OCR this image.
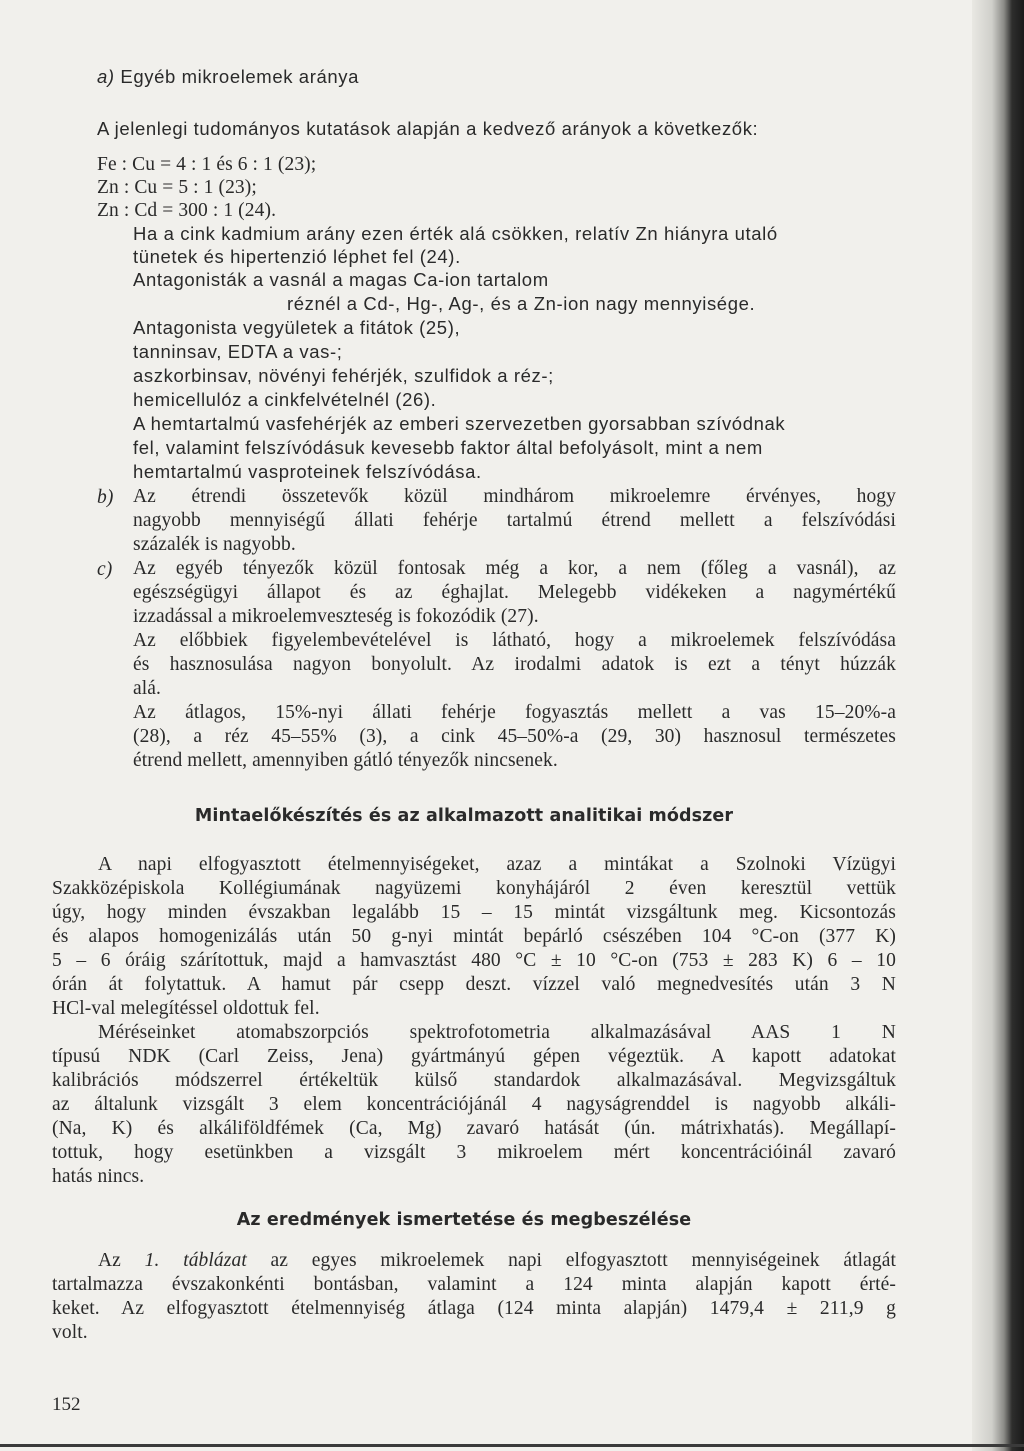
a) Egyéb mikroelemek aránya
A jelenlegi tudományos kutatások alapján a kedvező arányok a következők:
Fe : Cu = 4 : 1 és 6 : 1 (23);
Zn : Cu = 5 : 1 (23);
Zn : Cd = 300 : 1 (24).
Ha a cink kadmium arány ezen érték alá csökken, relatív Zn hiányra utaló
tünetek és hipertenzió léphet fel (24).
Antagonisták a vasnál a magas Ca-ion tartalom
réznél a Cd-, Hg-, Ag-, és a Zn-ion nagy mennyisége.
Antagonista vegyületek a fitátok (25),
tanninsav, EDTA a vas-;
aszkorbinsav, növényi fehérjék, szulfidok a réz-;
hemicellulóz a cinkfelvételnél (26).
A hemtartalmú vasfehérjék az emberi szervezetben gyorsabban szívódnak
fel, valamint felszívódásuk kevesebb faktor által befolyásolt, mint a nem
hemtartalmú vasproteinek felszívódása.
b) Az étrendi összetevők közül mindhárom mikroelemre érvényes, hogy
nagyobb mennyiségű állati fehérje tartalmú étrend mellett a felszívódási
százalék is nagyobb.
c) Az egyéb tényezők közül fontosak még a kor, a nem (főleg a vasnál), az
egészségügyi állapot és az éghajlat. Melegebb vidékeken a nagymértékű
izzadással a mikroelemveszteség is fokozódik (27).
Az előbbiek figyelembevételével is látható, hogy a mikroelemek felszívódása
és hasznosulása nagyon bonyolult. Az irodalmi adatok is ezt a tényt húzzák
alá.
Az átlagos, 15%-nyi állati fehérje fogyasztás mellett a vas 15–20%-a
(28), a réz 45–55% (3), a cink 45–50%-a (29, 30) hasznosul természetes
étrend mellett, amennyiben gátló tényezők nincsenek.
Mintaelőkészítés és az alkalmazott analitikai módszer
A napi elfogyasztott ételmennyiségeket, azaz a mintákat a Szolnoki Vízügyi
Szakközépiskola Kollégiumának nagyüzemi konyhájáról 2 éven keresztül vettük
úgy, hogy minden évszakban legalább 15 – 15 mintát vizsgáltunk meg. Kicsontozás
és alapos homogenizálás után 50 g-nyi mintát bepárló csészében 104 °C-on (377 K)
5 – 6 óráig szárítottuk, majd a hamvasztást 480 °C ± 10 °C-on (753 ± 283 K) 6 – 10
órán át folytattuk. A hamut pár csepp deszt. vízzel való megnedvesítés után 3 N
HCl-val melegítéssel oldottuk fel.
Méréseinket atomabszorpciós spektrofotometria alkalmazásával AAS 1 N
típusú NDK (Carl Zeiss, Jena) gyártmányú gépen végeztük. A kapott adatokat
kalibrációs módszerrel értékeltük külső standardok alkalmazásával. Megvizsgáltuk
az általunk vizsgált 3 elem koncentrációjánál 4 nagyságrenddel is nagyobb alkáli-
(Na, K) és alkáliföldfémek (Ca, Mg) zavaró hatását (ún. mátrixhatás). Megállapí-
tottuk, hogy esetünkben a vizsgált 3 mikroelem mért koncentrációinál zavaró
hatás nincs.
Az eredmények ismertetése és megbeszélése
Az 1. táblázat az egyes mikroelemek napi elfogyasztott mennyiségeinek átlagát
tartalmazza évszakonkénti bontásban, valamint a 124 minta alapján kapott érté-
keket. Az elfogyasztott ételmennyiség átlaga (124 minta alapján) 1479,4 ± 211,9 g
volt.
152
